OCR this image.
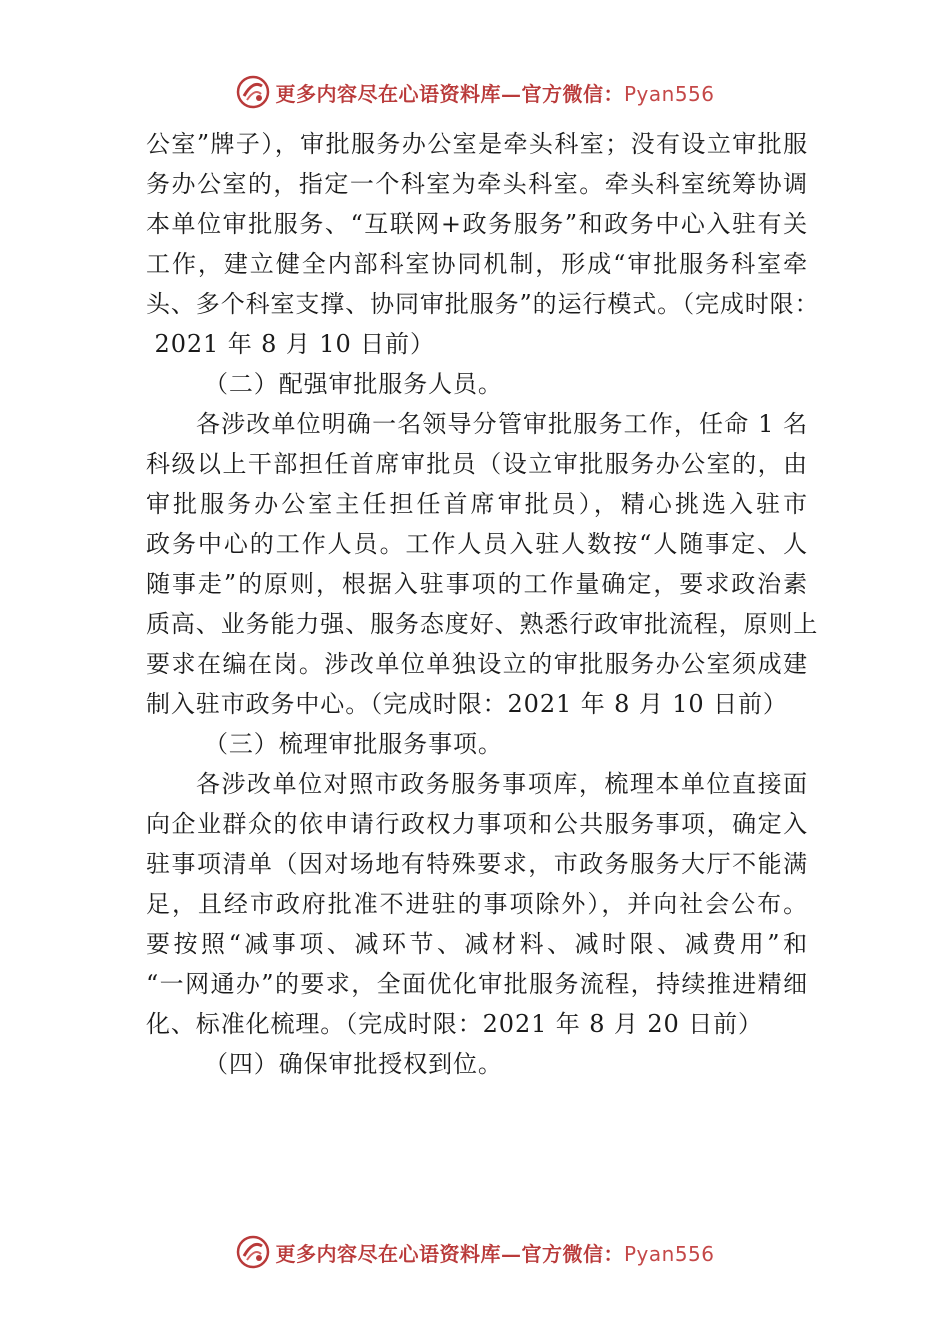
更多内容尽在心语资料库—官方微信：Pyan556
公室”牌子），审批服务办公室是牵头科室；没有设立审批服
务办公室的，指定一个科室为牵头科室。牵头科室统筹协调
本单位审批服务、“互联网+政务服务”和政务中心入驻有关
工作，建立健全内部科室协同机制，形成“审批服务科室牵
头、多个科室支撑、协同审批服务”的运行模式。（完成时限：
2021 年 8 月 10 日前）
（二）配强审批服务人员。
各涉改单位明确一名领导分管审批服务工作，任命 1 名
科级以上干部担任首席审批员（设立审批服务办公室的，由
审批服务办公室主任担任首席审批员），精心挑选入驻市
政务中心的工作人员。工作人员入驻人数按“人随事定、人
随事走”的原则，根据入驻事项的工作量确定，要求政治素
质高、业务能力强、服务态度好、熟悉行政审批流程，原则上
要求在编在岗。涉改单位单独设立的审批服务办公室须成建
制入驻市政务中心。（完成时限：2021 年 8 月 10 日前）
（三）梳理审批服务事项。
各涉改单位对照市政务服务事项库，梳理本单位直接面
向企业群众的依申请行政权力事项和公共服务事项，确定入
驻事项清单（因对场地有特殊要求，市政务服务大厅不能满
足，且经市政府批准不进驻的事项除外），并向社会公布。
要按照“减事项、减环节、减材料、减时限、减费用”和
“一网通办”的要求，全面优化审批服务流程，持续推进精细
化、标准化梳理。（完成时限：2021 年 8 月 20 日前）
（四）确保审批授权到位。
更多内容尽在心语资料库—官方微信：Pyan556
